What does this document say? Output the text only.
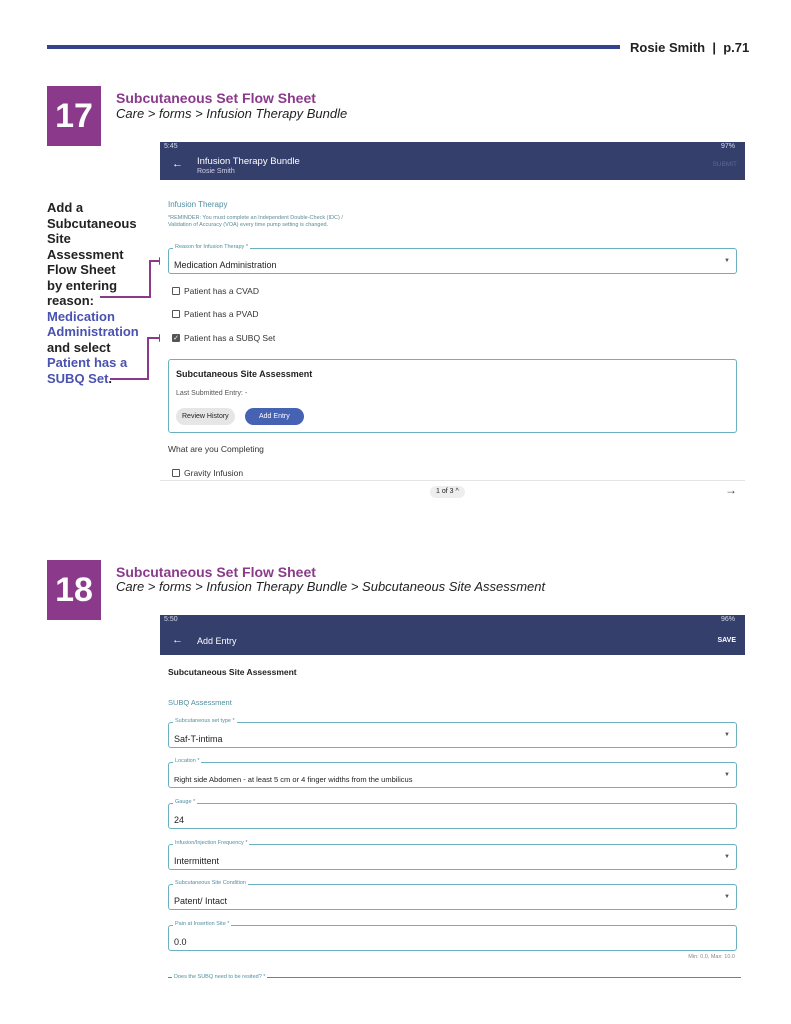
Rosie Smith | p.71
17	Subcutaneous Set Flow Sheet
Care > forms > Infusion Therapy Bundle
Add a
Subcutaneous
Site
Assessment
Flow Sheet
by entering
reason:
Medication
Administration
and select
Patient has a
SUBQ Set.
5:45	97%
← Infusion Therapy Bundle
Rosie Smith
SUBMIT
Infusion Therapy
*REMINDER: You must complete an Independent Double-Check (IDC) /
Validation of Accuracy (VOA) every time pump setting is changed.
Reason for Infusion Therapy *
Medication Administration	▼
Patient has a CVAD
Patient has a PVAD
✓ Patient has a SUBQ Set
Subcutaneous Site Assessment
Last Submitted Entry: -
Review History	Add Entry
What are you Completing
Gravity Infusion
1 of 3 ^	→
18	Subcutaneous Set Flow Sheet
Care > forms > Infusion Therapy Bundle > Subcutaneous Site Assessment
5:50	96%
← Add Entry	SAVE
Subcutaneous Site Assessment
SUBQ Assessment
Subcutaneous set type *
Saf-T-intima	▼
Location *
Right side Abdomen - at least 5 cm or 4 finger widths from the umbilicus	▼
Gauge *
24
Infusion/Injection Frequency *
Intermittent	▼
Subcutaneous Site Condition
Patent/ Intact	▼
Pain at Insertion Site *
0.0
Min: 0.0, Max: 10.0
Does the SUBQ need to be resited? *
